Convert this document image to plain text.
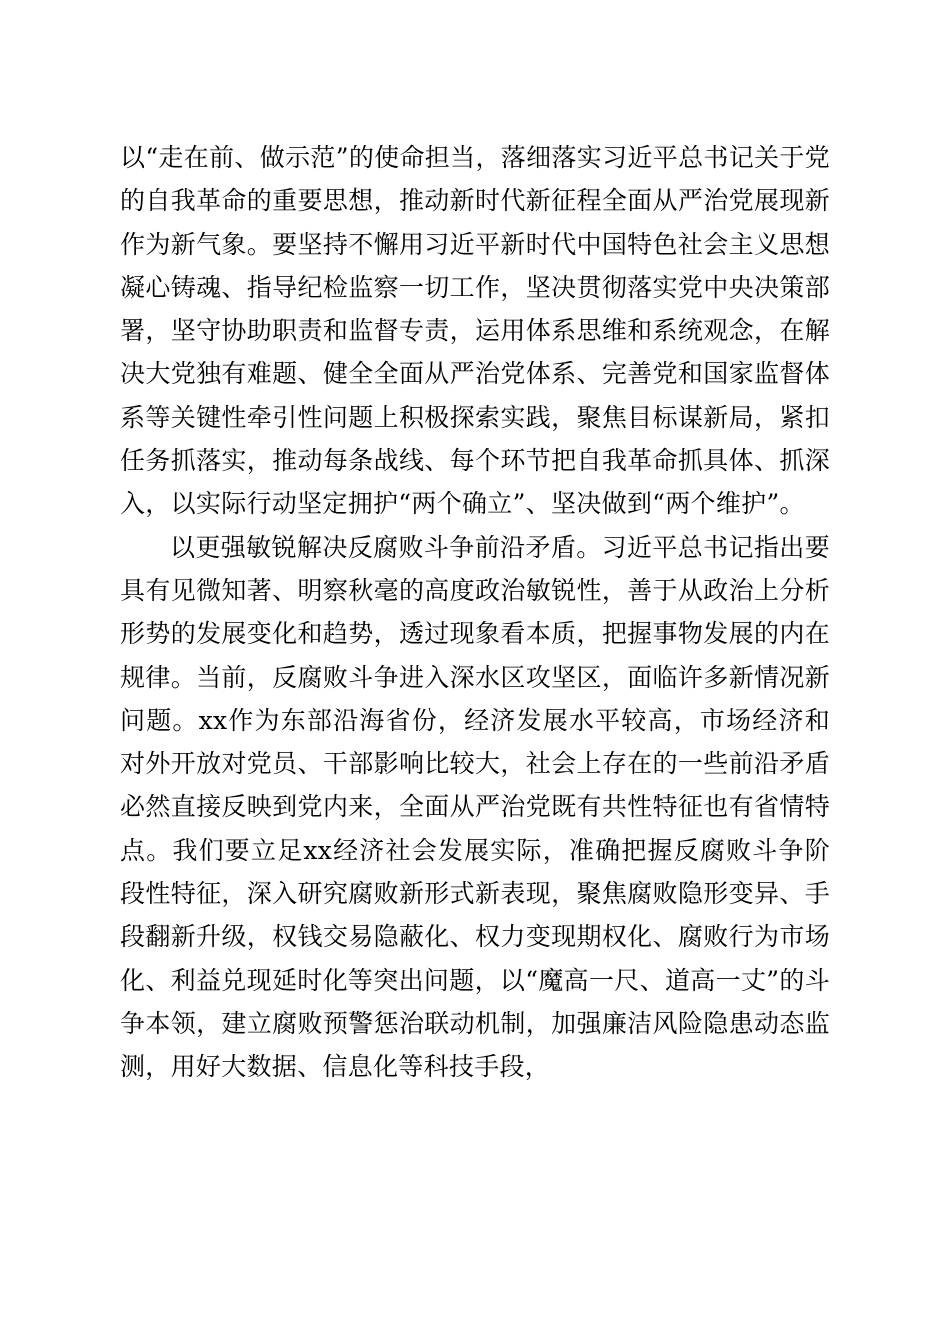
以“走在前、做示范”的使命担当，落细落实习近平总书记关于党的自我革命的重要思想，推动新时代新征程全面从严治党展现新作为新气象。要坚持不懈用习近平新时代中国特色社会主义思想凝心铸魂、指导纪检监察一切工作，坚决贯彻落实党中央决策部署，坚守协助职责和监督专责，运用体系思维和系统观念，在解决大党独有难题、健全全面从严治党体系、完善党和国家监督体系等关键性牵引性问题上积极探索实践，聚焦目标谋新局，紧扣任务抓落实，推动每条战线、每个环节把自我革命抓具体、抓深入，以实际行动坚定拥护“两个确立”、坚决做到“两个维护”。

以更强敏锐解决反腐败斗争前沿矛盾。习近平总书记指出要具有见微知著、明察秋毫的高度政治敏锐性，善于从政治上分析形势的发展变化和趋势，透过现象看本质，把握事物发展的内在规律。当前，反腐败斗争进入深水区攻坚区，面临许多新情况新问题。xx作为东部沿海省份，经济发展水平较高，市场经济和对外开放对党员、干部影响比较大，社会上存在的一些前沿矛盾必然直接反映到党内来，全面从严治党既有共性特征也有省情特点。我们要立足xx经济社会发展实际，准确把握反腐败斗争阶段性特征，深入研究腐败新形式新表现，聚焦腐败隐形变异、手段翻新升级，权钱交易隐蔽化、权力变现期权化、腐败行为市场化、利益兑现延时化等突出问题，以“魔高一尺、道高一丈”的斗争本领，建立腐败预警惩治联动机制，加强廉洁风险隐患动态监测，用好大数据、信息化等科技手段，
